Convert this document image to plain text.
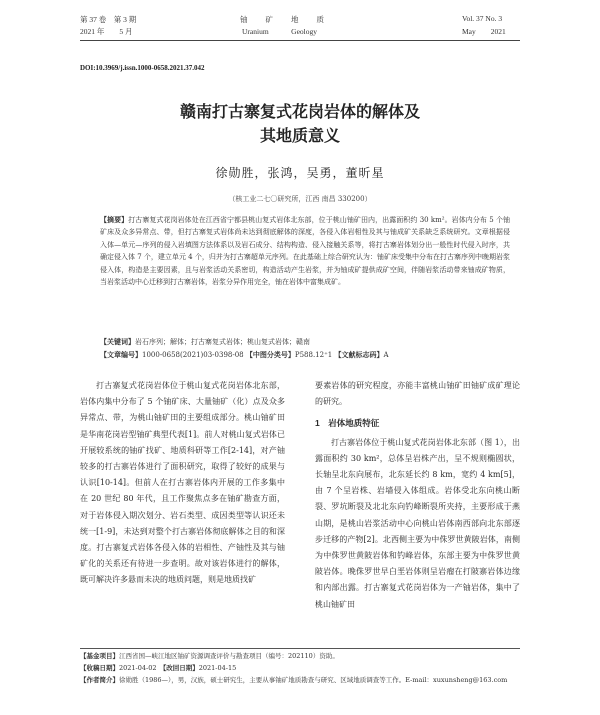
第 37 卷　第 3 期
2021 年　　5 月
铀　　矿　　地　　质
Uranium　　　Geology
Vol. 37 No. 3
May　　2021
DOI:10.3969/j.issn.1000-0658.2021.37.042
赣南打古寨复式花岗岩体的解体及
其地质意义
徐勋胜，张鸿，吴勇，董昕星
（核工业二七〇研究所，江西 南昌 330200）
【摘要】打古寨复式花岗岩体处在江西省宁都县桃山复式岩体北东部，位于桃山铀矿田内，出露面积约 30 km²。岩体内分布 5 个铀矿床及众多异常点、带，但打古寨复式岩体尚未达到彻底解体的深度，各侵入体岩相性及其与铀成矿关系缺乏系统研究。文章根据侵入体—单元—序列的侵入岩填图方法体系以及岩石成分、结构构造、侵入接触关系等，将打古寨岩体划分出一般性时代侵入时序，共确定侵入体 7 个，建立单元 4 个，归并为打古寨超单元序列。在此基础上综合研究认为：铀矿床受集中分布在打古寨序列中晚期岩浆侵入体，构造是主要因素，且与岩浆活动关系密切，构造活动产生岩浆，并为铀成矿提供成矿空间，伴随岩浆活动带来铀成矿物质，当岩浆活动中心迁移到打古寨岩体，岩浆分异作用完全，铀在岩体中富集成矿。
【关键词】岩石序列；解体；打古寨复式岩体；桃山复式岩体；赣南
【文章编号】1000-0658(2021)03-0398-08 【中图分类号】P588.12⁺1 【文献标志码】A

打古寨复式花岗岩体位于桃山复式花岗岩体北东部，岩体内集中分布了 5 个铀矿床、大量铀矿（化）点及众多异常点、带，为桃山铀矿田的主要组成部分。桃山铀矿田是华南花岗岩型铀矿典型代表[1]。前人对桃山复式岩体已开展较系统的铀矿找矿、地质科研等工作[2-14]，对产铀较多的打古寨岩体进行了面积研究，取得了较好的成果与认识[10-14]。但前人在打古寨岩体内开展的工作多集中在 20 世纪 80 年代，且工作聚焦点多在铀矿勘查方面，对于岩体侵入期次划分、岩石类型、成因类型等认识还未统一[1-9]，未达到对整个打古寨岩体彻底解体之目的和深度。打古寨复式岩体各侵入体的岩相性、产铀性及其与铀矿化的关系还有待进一步查明。故对该岩体进行的解体，既可解决许多悬而未决的地质问题，则是地质找矿

要素岩体的研究程度，亦能丰富桃山铀矿田铀矿成矿理论的研究。

1　岩体地质特征

打古寨岩体位于桃山复式花岗岩体北东部（图 1），出露面积约 30 km²，总体呈岩株产出，呈不规则椭圆状，长轴呈北东向展布，北东延长约 8 km，宽约 4 km[5]，由 7 个呈岩株、岩墙侵入体组成。岩体受北东向桃山断裂、罗坑断裂及北北东向钓峰断裂所夹持，主要形成于燕山期，是桃山岩浆活动中心向桃山岩体南西部向北东部逐步迁移的产物[2]。北西侧主要为中侏罗世黄陂岩体，南侧为中侏罗世黄陂岩体和钓峰岩体，东部主要为中侏罗世黄陂岩体。晚侏罗世早白垩岩体则呈岩瘤在打陂寨岩体边缘和内部出露。打古寨复式花岗岩体为一产铀岩体，集中了桃山铀矿田

【基金项目】江西省国—峡江地区铀矿资源调查评价与勘查项目（编号：202110）资助。
【收稿日期】2021-04-02　 【改回日期】2021-04-15
【作者简介】徐勋胜（1986—），男，汉族，硕士研究生，主要从事铀矿地质勘查与研究、区域地质调查等工作。E-mail：xuxunsheng@163.com
